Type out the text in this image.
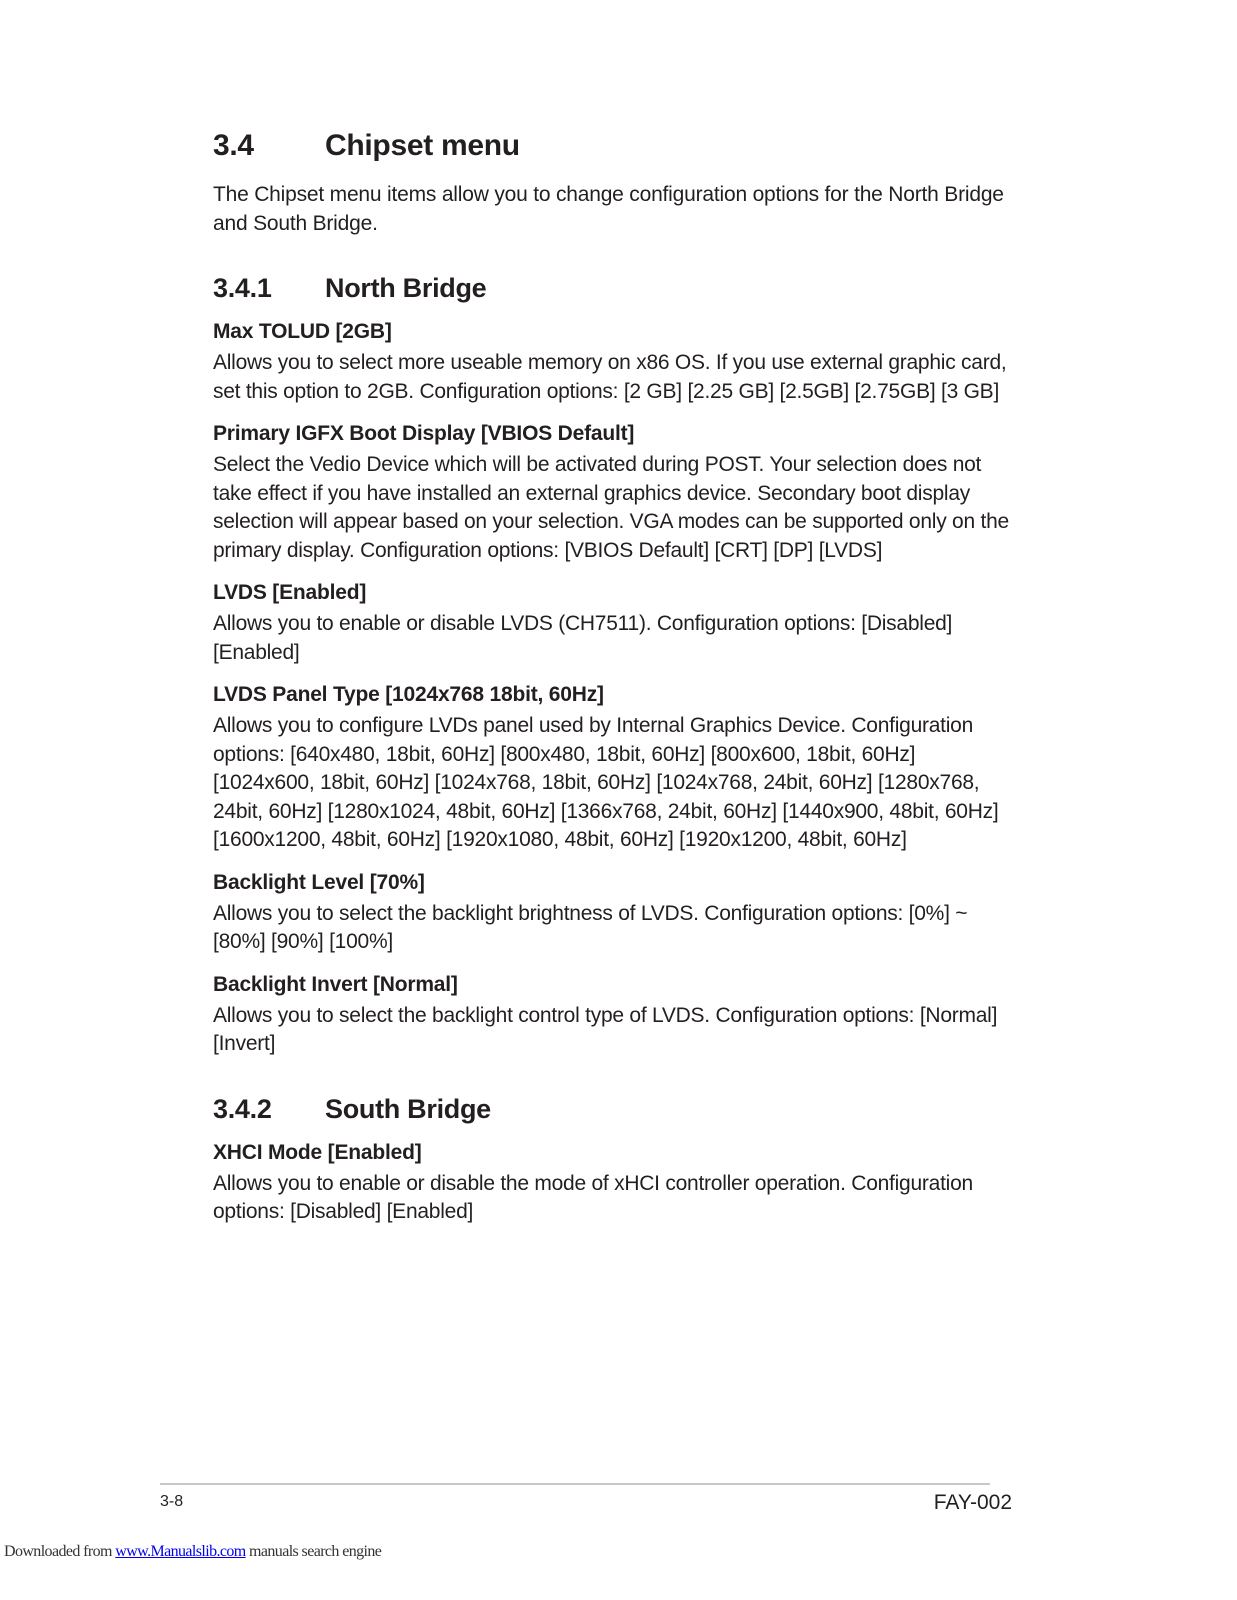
3.4	Chipset menu

The Chipset menu items allow you to change configuration options for the North Bridge and South Bridge.

3.4.1	North Bridge
Max TOLUD [2GB]

Allows you to select more useable memory on x86 OS. If you use external graphic card, set this option to 2GB. Configuration options: [2 GB] [2.25 GB] [2.5GB] [2.75GB] [3 GB]

Primary IGFX Boot Display [VBIOS Default]

Select the Vedio Device which will be activated during POST. Your selection does not take effect if you have installed an external graphics device. Secondary boot display selection will appear based on your selection. VGA modes can be supported only on the primary display. Configuration options: [VBIOS Default] [CRT] [DP] [LVDS]

LVDS [Enabled]

Allows you to enable or disable LVDS (CH7511). Configuration options: [Disabled] [Enabled]

LVDS Panel Type [1024x768 18bit, 60Hz]

Allows you to configure LVDs panel used by Internal Graphics Device. Configuration options: [640x480, 18bit, 60Hz] [800x480, 18bit, 60Hz] [800x600, 18bit, 60Hz] [1024x600, 18bit, 60Hz] [1024x768, 18bit, 60Hz] [1024x768, 24bit, 60Hz] [1280x768, 24bit, 60Hz] [1280x1024, 48bit, 60Hz] [1366x768, 24bit, 60Hz] [1440x900, 48bit, 60Hz] [1600x1200, 48bit, 60Hz] [1920x1080, 48bit, 60Hz] [1920x1200, 48bit, 60Hz]

Backlight Level [70%]

Allows you to select the backlight brightness of LVDS. Configuration options: [0%] ~ [80%] [90%] [100%]

Backlight Invert [Normal]

Allows you to select the backlight control type of LVDS. Configuration options: [Normal] [Invert]

3.4.2	South Bridge
XHCI Mode [Enabled]

Allows you to enable or disable the mode of xHCI controller operation. Configuration options: [Disabled] [Enabled]

3-8	FAY-002
Downloaded from www.Manualslib.com manuals search engine
